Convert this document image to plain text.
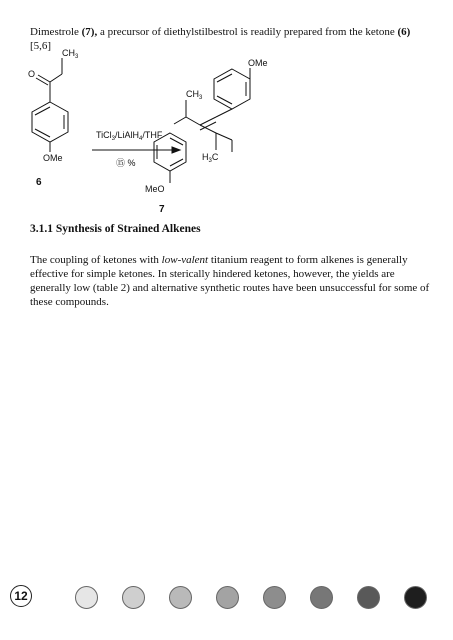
Dimestrole (7), a precursor of diethylstilbestrol is readily prepared from the ketone (6)[5,6]

$CH_3$
O
OMe
6
TiCl$_3$/LiAlH$_4$/THF
⑮ %
$CH_3$
OMe
$H_3C$
MeO
7
3.1.1 Synthesis of Strained Alkenes

The coupling of ketones with low-valent titanium reagent to form alkenes is generally effective for simple ketones. In sterically hindered ketones, however, the yields are generally low (table 2) and alternative synthetic routes have been unsuccessful for some of these compounds.

12
